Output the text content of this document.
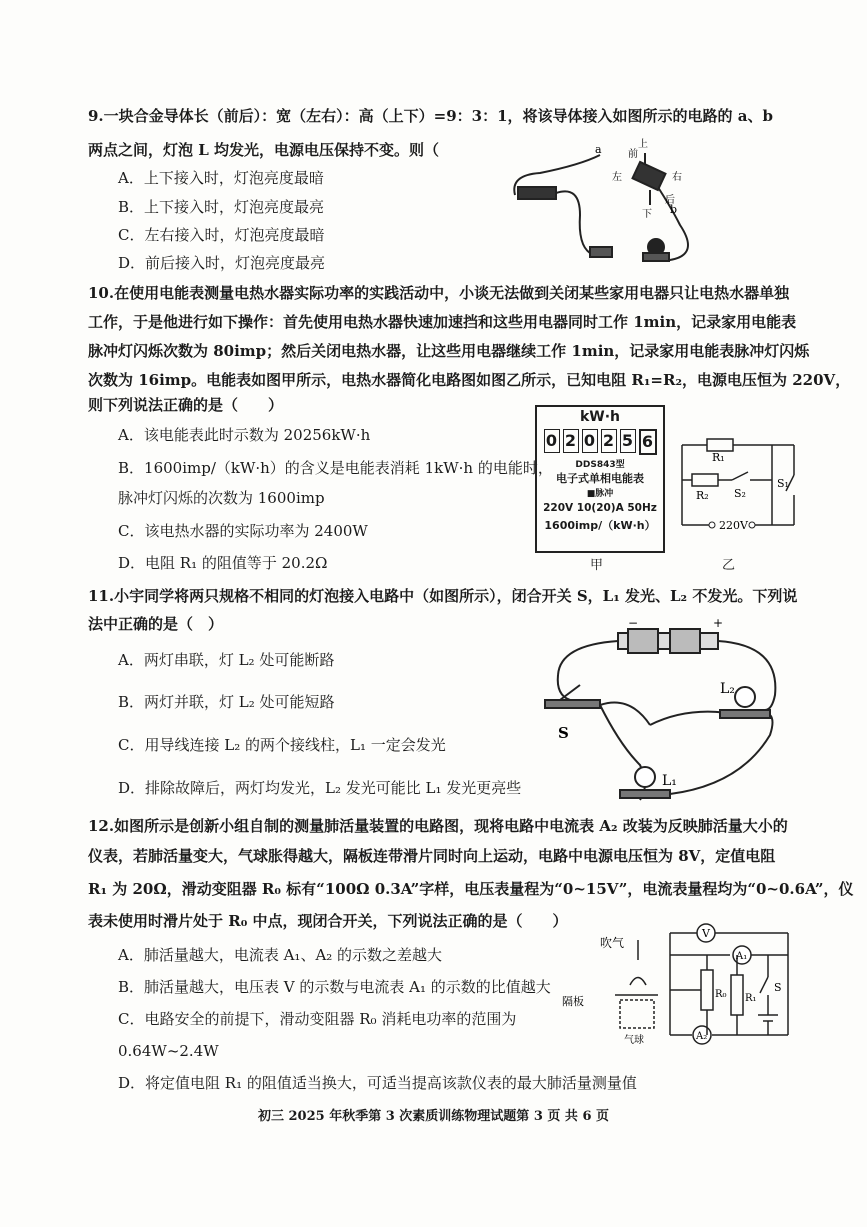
9.一块合金导体长（前后）：宽（左右）：高（上下）=9：3：1，将该导体接入如图所示的电路的 a、b
两点之间，灯泡 L 均发光，电源电压保持不变。则（
A．上下接入时，灯泡亮度最暗
B．上下接入时，灯泡亮度最亮
C．左右接入时，灯泡亮度最暗
D．前后接入时，灯泡亮度最亮
a
b
上
下
左	右
前
后
10.在使用电能表测量电热水器实际功率的实践活动中，小谈无法做到关闭某些家用电器只让电热水器单独
工作，于是他进行如下操作：首先使用电热水器快速加速挡和这些用电器同时工作 1min，记录家用电能表
脉冲灯闪烁次数为 80imp；然后关闭电热水器，让这些用电器继续工作 1min，记录家用电能表脉冲灯闪烁
次数为 16imp。电能表如图甲所示，电热水器简化电路图如图乙所示，已知电阻 R₁=R₂，电源电压恒为 220V，
则下列说法正确的是（　　）
A．该电能表此时示数为 20256kW·h
B．1600imp/（kW·h）的含义是电能表消耗 1kW·h 的电能时，
脉冲灯闪烁的次数为 1600imp
C．该电热水器的实际功率为 2400W
D．电阻 R₁ 的阻值等于 20.2Ω
kW·h
0 2 0 2 5 6
DDS843型
电子式单相电能表
■脉冲
220V 10(20)A 50Hz
1600imp/（kW·h）
甲
R₁
R₂ S₂
S₁
220V
乙
11.小宇同学将两只规格不相同的灯泡接入电路中（如图所示），闭合开关 S，L₁ 发光、L₂ 不发光。下列说
法中正确的是（　）
A．两灯串联，灯 L₂ 处可能断路
B．两灯并联，灯 L₂ 处可能短路
C．用导线连接 L₂ 的两个接线柱，L₁ 一定会发光
D．排除故障后，两灯均发光，L₂ 发光可能比 L₁ 发光更亮些
−	+
S
L₁
L₂
12.如图所示是创新小组自制的测量肺活量装置的电路图，现将电路中电流表 A₂ 改装为反映肺活量大小的
仪表，若肺活量变大，气球胀得越大，隔板连带滑片同时向上运动，电路中电源电压恒为 8V，定值电阻
R₁ 为 20Ω，滑动变阻器 R₀ 标有“100Ω 0.3A”字样，电压表量程为“0~15V”，电流表量程均为“0~0.6A”，仪
表未使用时滑片处于 R₀ 中点，现闭合开关，下列说法正确的是（　　）
A．肺活量越大，电流表 A₁、A₂ 的示数之差越大
B．肺活量越大，电压表 V 的示数与电流表 A₁ 的示数的比值越大
C．电路安全的前提下，滑动变阻器 R₀ 消耗电功率的范围为
0.64W~2.4W
D．将定值电阻 R₁ 的阻值适当换大，可适当提高该款仪表的最大肺活量测量值
V
A₁
A₂
R₀ R₁
S
吹气
隔板
气球
初三 2025 年秋季第 3 次素质训练物理试题第 3 页 共 6 页
